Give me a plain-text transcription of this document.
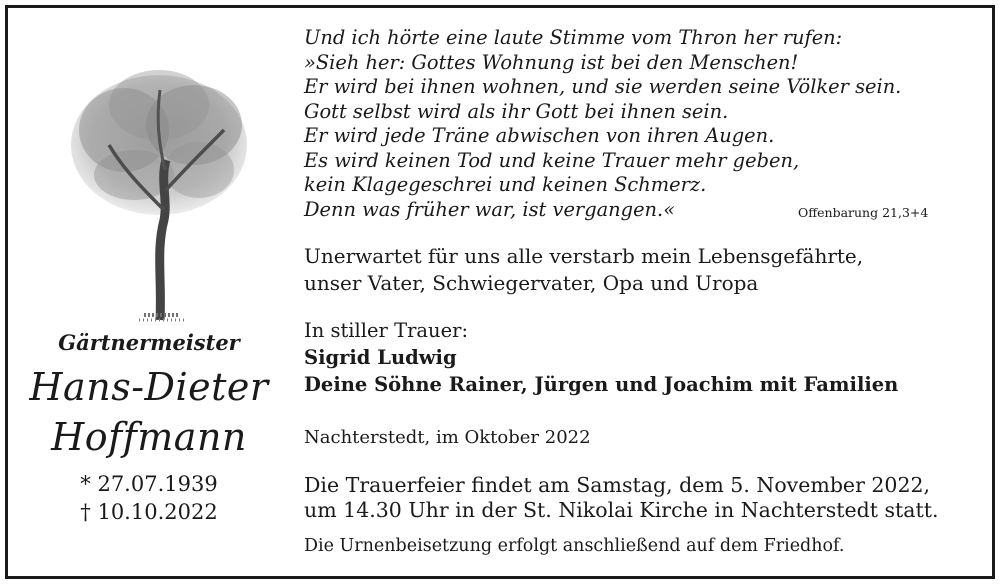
Gärtnermeister
Hans-Dieter
Hoffmann
* 27.07.1939
† 10.10.2022
Und ich hörte eine laute Stimme vom Thron her rufen:
»Sieh her: Gottes Wohnung ist bei den Menschen!
Er wird bei ihnen wohnen, und sie werden seine Völker sein.
Gott selbst wird als ihr Gott bei ihnen sein.
Er wird jede Träne abwischen von ihren Augen.
Es wird keinen Tod und keine Trauer mehr geben,
kein Klagegeschrei und keinen Schmerz.
Denn was früher war, ist vergangen.«	Offenbarung 21,3+4
Unerwartet für uns alle verstarb mein Lebensgefährte,
unser Vater, Schwiegervater, Opa und Uropa
In stiller Trauer:
Sigrid Ludwig
Deine Söhne Rainer, Jürgen und Joachim mit Familien
Nachterstedt, im Oktober 2022
Die Trauerfeier findet am Samstag, dem 5. November 2022,
um 14.30 Uhr in der St. Nikolai Kirche in Nachterstedt statt.
Die Urnenbeisetzung erfolgt anschließend auf dem Friedhof.
